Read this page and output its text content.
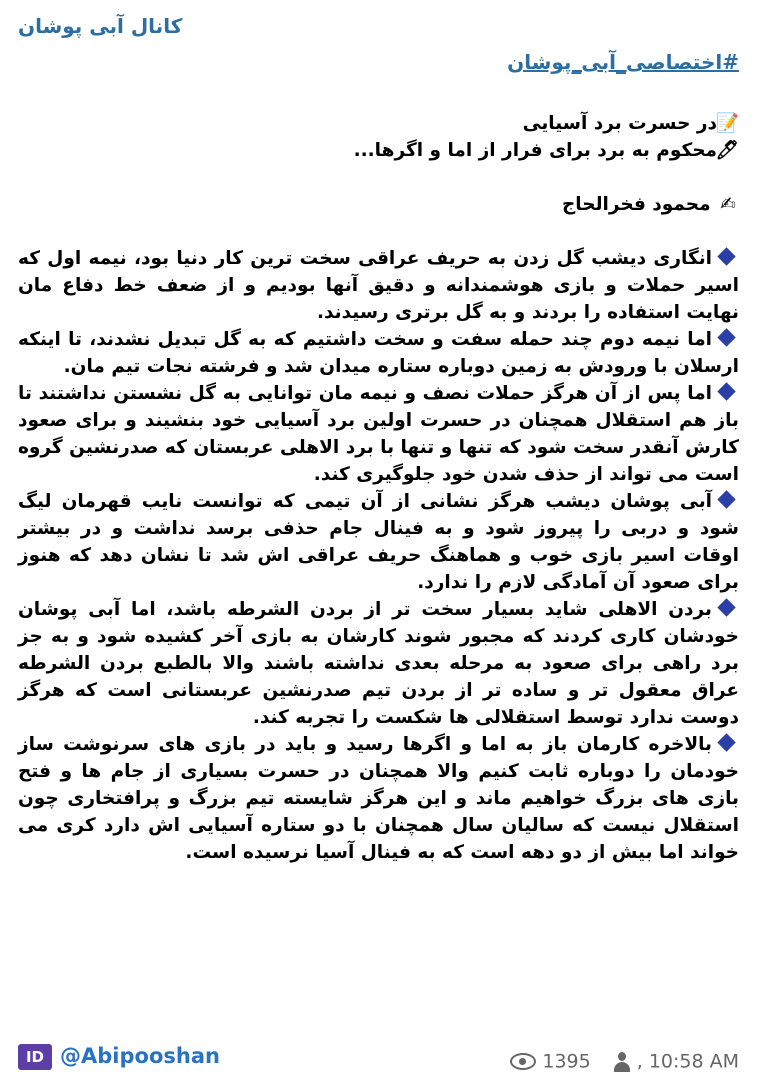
کانال آبی پوشان
#اختصاصی_آبی_پوشان

📝در حسرت برد آسیایی

🖊محکوم به برد برای فرار از اما و اگرها...

✍ محمود فخرالحاج

انگاری دیشب گل زدن به حریف عراقی سخت ترین کار دنیا بود، نیمه اول که اسیر حملات و بازی هوشمندانه و دقیق آنها بودیم و از ضعف خط دفاع مان نهایت استفاده را بردند و به گل برتری رسیدند.

اما نیمه دوم چند حمله سفت و سخت داشتیم که به گل تبدیل نشدند، تا اینکه ارسلان با ورودش به زمین دوباره ستاره میدان شد و فرشته نجات تیم مان.

اما پس از آن هرگز حملات نصف و نیمه مان توانایی به گل نشستن نداشتند تا باز هم استقلال همچنان در حسرت اولین برد آسیایی خود بنشیند و برای صعود کارش آنقدر سخت شود که تنها و تنها با برد الاهلی عربستان که صدرنشین گروه است می تواند از حذف شدن خود جلوگیری کند.

آبی پوشان دیشب هرگز نشانی از آن تیمی که توانست نایب قهرمان لیگ شود و دربی را پیروز شود و به فینال جام حذفی برسد نداشت و در بیشتر اوقات اسیر بازی خوب و هماهنگ حریف عراقی اش شد تا نشان دهد که هنوز برای صعود آن آمادگی لازم را ندارد.

بردن الاهلی شاید بسیار سخت تر از بردن الشرطه باشد، اما آبی پوشان خودشان کاری کردند که مجبور شوند کارشان به بازی آخر کشیده شود و به جز برد راهی برای صعود به مرحله بعدی نداشته باشند والا بالطبع بردن الشرطه عراق معقول تر و ساده تر از بردن تیم صدرنشین عربستانی است که هرگز دوست ندارد توسط استقلالی ها شکست را تجربه کند.

بالاخره کارمان باز به اما و اگرها رسید و باید در بازی های سرنوشت ساز خودمان را دوباره ثابت کنیم والا همچنان در حسرت بسیاری از جام ها و فتح بازی های بزرگ خواهیم ماند و این هرگز شایسته تیم بزرگ و پرافتخاری چون استقلال نیست که سالیان سال همچنان با دو ستاره آسیایی اش دارد کری می خواند اما بیش از دو دهه است که به فینال آسیا نرسیده است.

ID @Abipooshan	1395 , 10:58 AM
